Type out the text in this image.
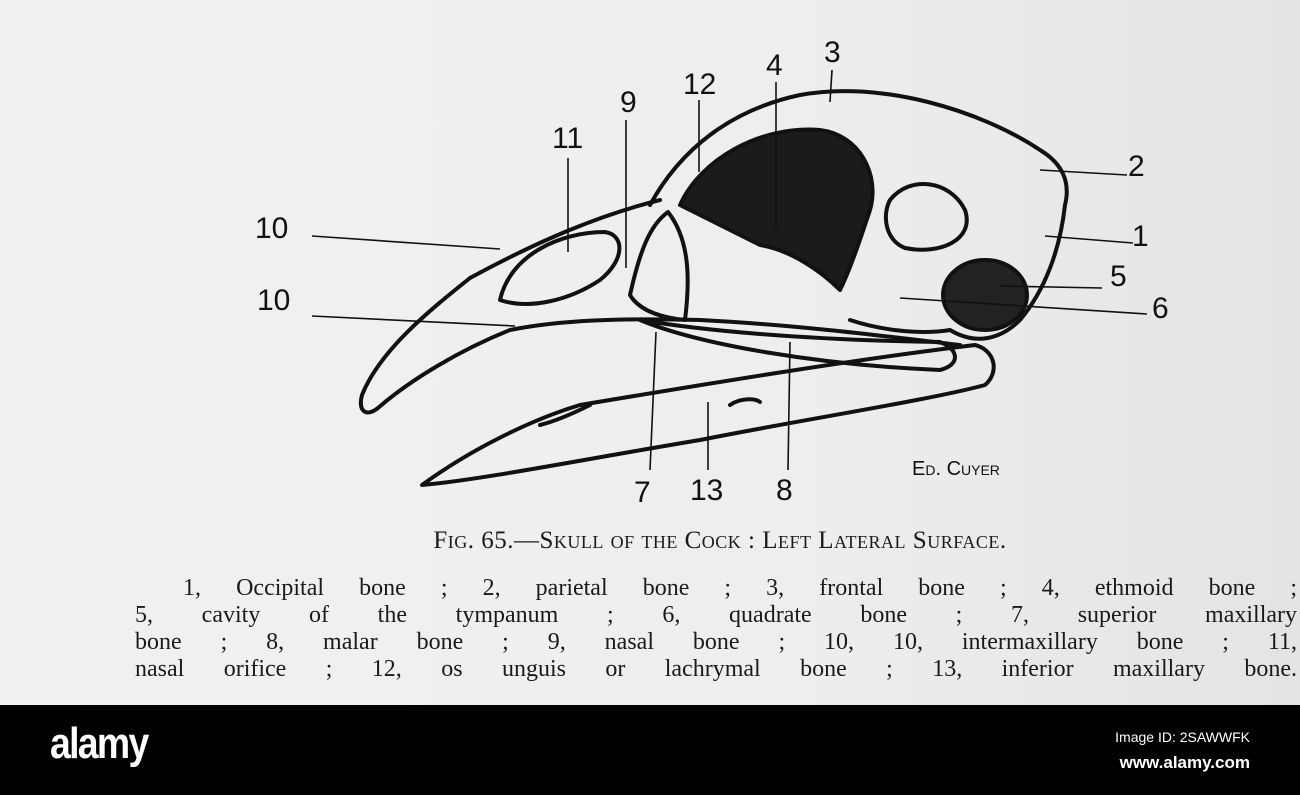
3
4
12
9
11
10
10
2
1
5
6
7 13 8
Ed. Cuyer
Fig. 65.—Skull of the Cock : Left Lateral Surface.
1, Occipital bone ; 2, parietal bone ; 3, frontal bone ; 4, ethmoid bone ;
5, cavity of the tympanum ; 6, quadrate bone ; 7, superior maxillary
bone ; 8, malar bone ; 9, nasal bone ; 10, 10, intermaxillary bone ; 11,
nasal orifice ; 12, os unguis or lachrymal bone ; 13, inferior maxillary bone.
alamy	Image ID: 2SAWWFK
www.alamy.com
